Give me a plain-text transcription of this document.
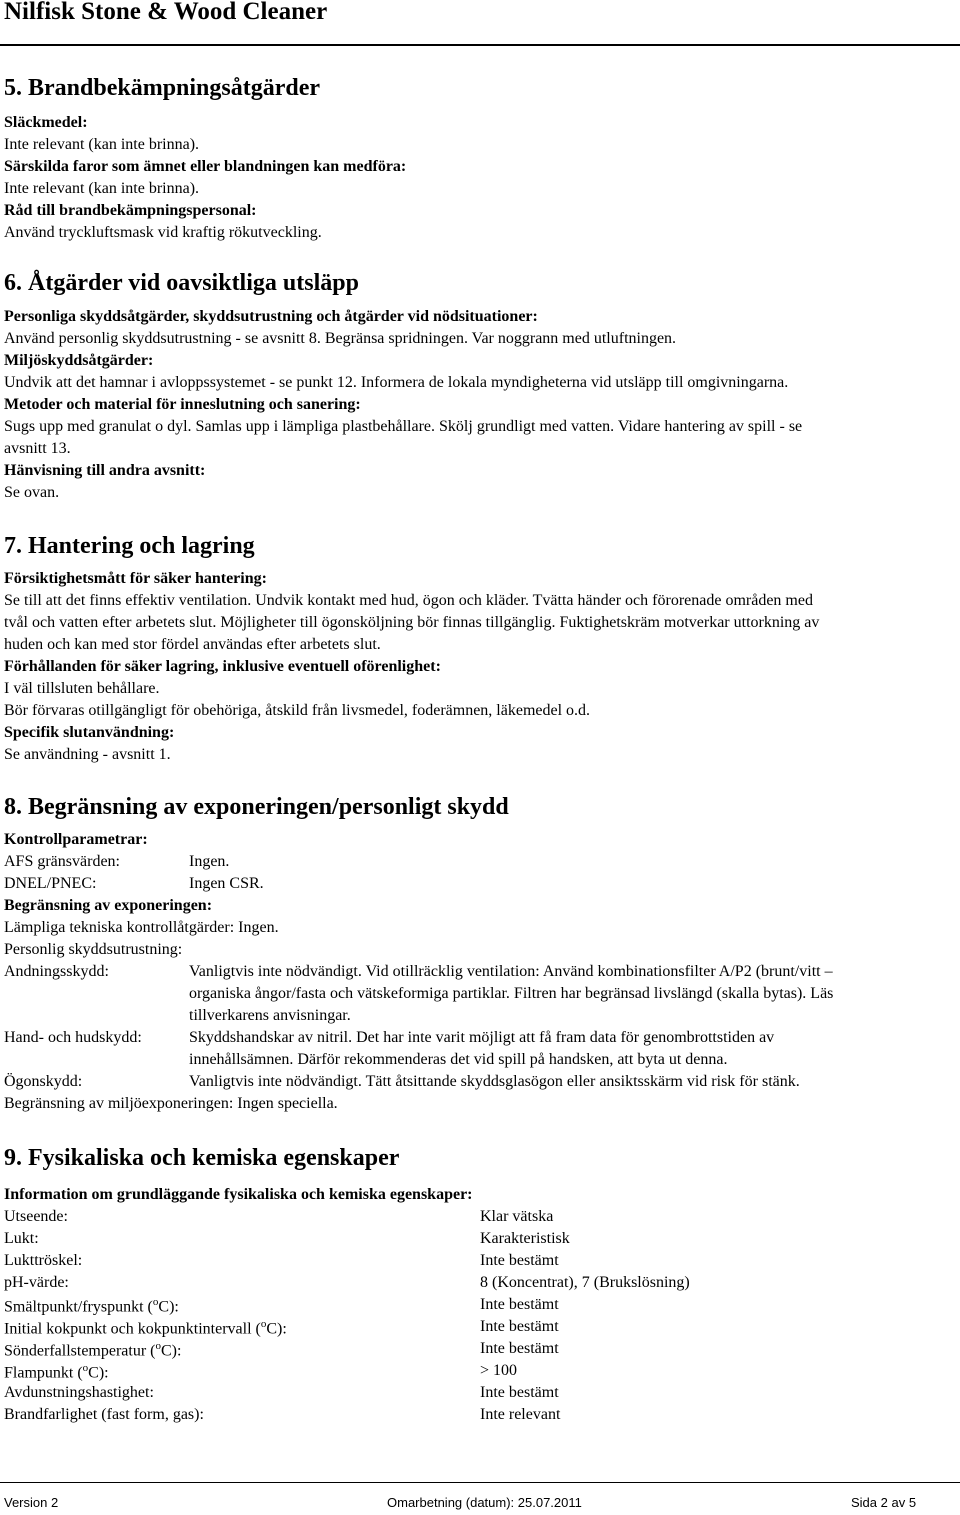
Nilfisk Stone & Wood Cleaner
5. Brandbekämpningsåtgärder
Släckmedel:
Inte relevant (kan inte brinna).
Särskilda faror som ämnet eller blandningen kan medföra:
Inte relevant (kan inte brinna).
Råd till brandbekämpningspersonal:
Använd tryckluftsmask vid kraftig rökutveckling.
6. Åtgärder vid oavsiktliga utsläpp
Personliga skyddsåtgärder, skyddsutrustning och åtgärder vid nödsituationer:
Använd personlig skyddsutrustning - se avsnitt 8. Begränsa spridningen. Var noggrann med utluftningen.
Miljöskyddsåtgärder:
Undvik att det hamnar i avloppssystemet - se punkt 12. Informera de lokala myndigheterna vid utsläpp till omgivningarna.
Metoder och material för inneslutning och sanering:
Sugs upp med granulat o dyl. Samlas upp i lämpliga plastbehållare. Skölj grundligt med vatten. Vidare hantering av spill - se
avsnitt 13.
Hänvisning till andra avsnitt:
Se ovan.
7. Hantering och lagring
Försiktighetsmått för säker hantering:
Se till att det finns effektiv ventilation. Undvik kontakt med hud, ögon och kläder. Tvätta händer och förorenade områden med
tvål och vatten efter arbetets slut. Möjligheter till ögonsköljning bör finnas tillgänglig. Fuktighetskräm motverkar uttorkning av
huden och kan med stor fördel användas efter arbetets slut.
Förhållanden för säker lagring, inklusive eventuell oförenlighet:
I väl tillsluten behållare.
Bör förvaras otillgängligt för obehöriga, åtskild från livsmedel, foderämnen, läkemedel o.d.
Specifik slutanvändning:
Se användning - avsnitt 1.
8. Begränsning av exponeringen/personligt skydd
Kontrollparametrar:
AFS gränsvärden:	Ingen.
DNEL/PNEC:	Ingen CSR.
Begränsning av exponeringen:
Lämpliga tekniska kontrollåtgärder: Ingen.
Personlig skyddsutrustning:
Andningsskydd:	Vanligtvis inte nödvändigt. Vid otillräcklig ventilation: Använd kombinationsfilter A/P2 (brunt/vitt –
organiska ångor/fasta och vätskeformiga partiklar. Filtren har begränsad livslängd (skalla bytas). Läs
tillverkarens anvisningar.
Hand- och hudskydd:	Skyddshandskar av nitril. Det har inte varit möjligt att få fram data för genombrottstiden av
innehållsämnen. Därför rekommenderas det vid spill på handsken, att byta ut denna.
Ögonskydd:	Vanligtvis inte nödvändigt. Tätt åtsittande skyddsglasögon eller ansiktsskärm vid risk för stänk.
Begränsning av miljöexponeringen: Ingen speciella.
9. Fysikaliska och kemiska egenskaper
Information om grundläggande fysikaliska och kemiska egenskaper:
Utseende:	Klar vätska
Lukt:	Karakteristisk
Lukttröskel:	Inte bestämt
pH-värde:	8 (Koncentrat), 7 (Brukslösning)
Smältpunkt/fryspunkt ($^o$C):	Inte bestämt
Initial kokpunkt och kokpunktintervall ($^o$C):	Inte bestämt
Sönderfallstemperatur ($^o$C):	Inte bestämt
Flampunkt ($^o$C):	> 100
Avdunstningshastighet:	Inte bestämt
Brandfarlighet (fast form, gas):	Inte relevant
Version 2	Omarbetning (datum): 25.07.2011	Sida 2 av 5
